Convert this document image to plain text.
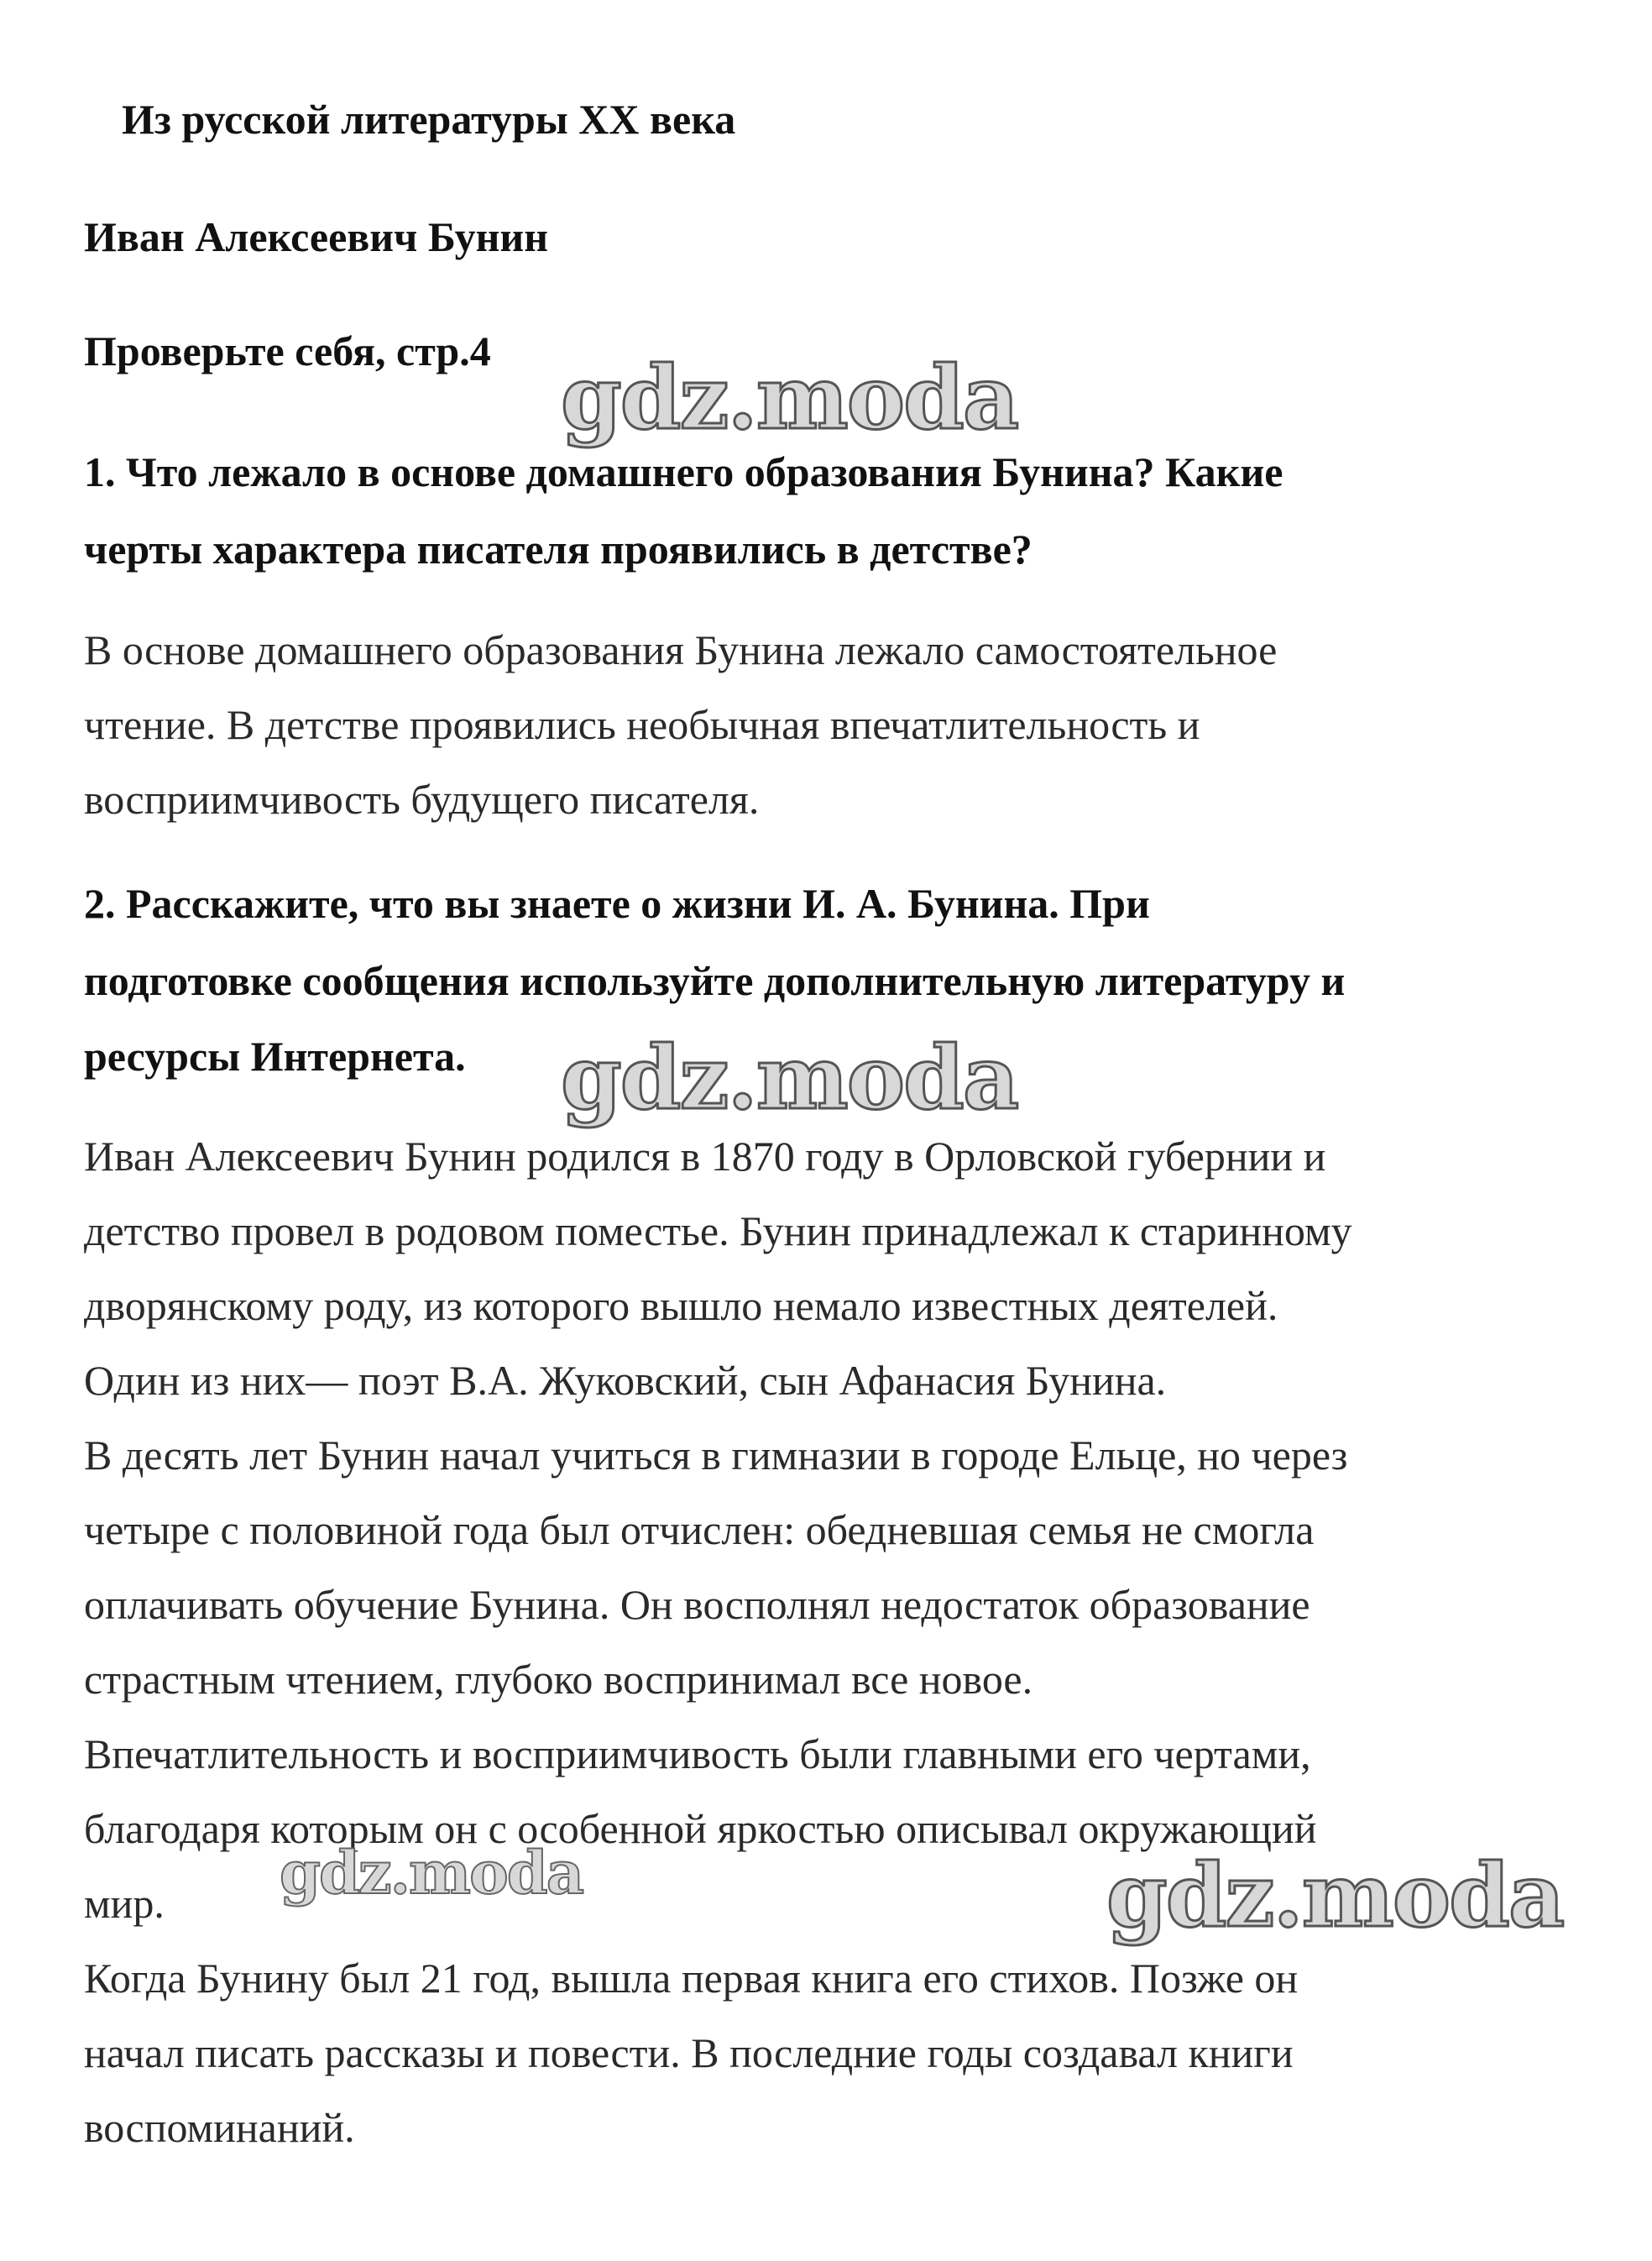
Из русской литературы XX века
Иван Алексеевич Бунин
Проверьте себя, стр.4
1. Что лежало в основе домашнего образования Бунина? Какие
черты характера писателя проявились в детстве?
В основе домашнего образования Бунина лежало самостоятельное
чтение. В детстве проявились необычная впечатлительность и
восприимчивость будущего писателя.
2. Расскажите, что вы знаете о жизни И. А. Бунина. При
подготовке сообщения используйте дополнительную литературу и
ресурсы Интернета.
Иван Алексеевич Бунин родился в 1870 году в Орловской губернии и
детство провел в родовом поместье. Бунин принадлежал к старинному
дворянскому роду, из которого вышло немало известных деятелей.
Один из них— поэт В.А. Жуковский, сын Афанасия Бунина.
В десять лет Бунин начал учиться в гимназии в городе Ельце, но через
четыре с половиной года был отчислен: обедневшая семья не смогла
оплачивать обучение Бунина. Он восполнял недостаток образование
страстным чтением, глубоко воспринимал все новое.
Впечатлительность и восприимчивость были главными его чертами,
благодаря которым он с особенной яркостью описывал окружающий
мир.
Когда Бунину был 21 год, вышла первая книга его стихов. Позже он
начал писать рассказы и повести. В последние годы создавал книги
воспоминаний.
gdz.moda
gdz.moda
gdz.moda	gdz.moda
